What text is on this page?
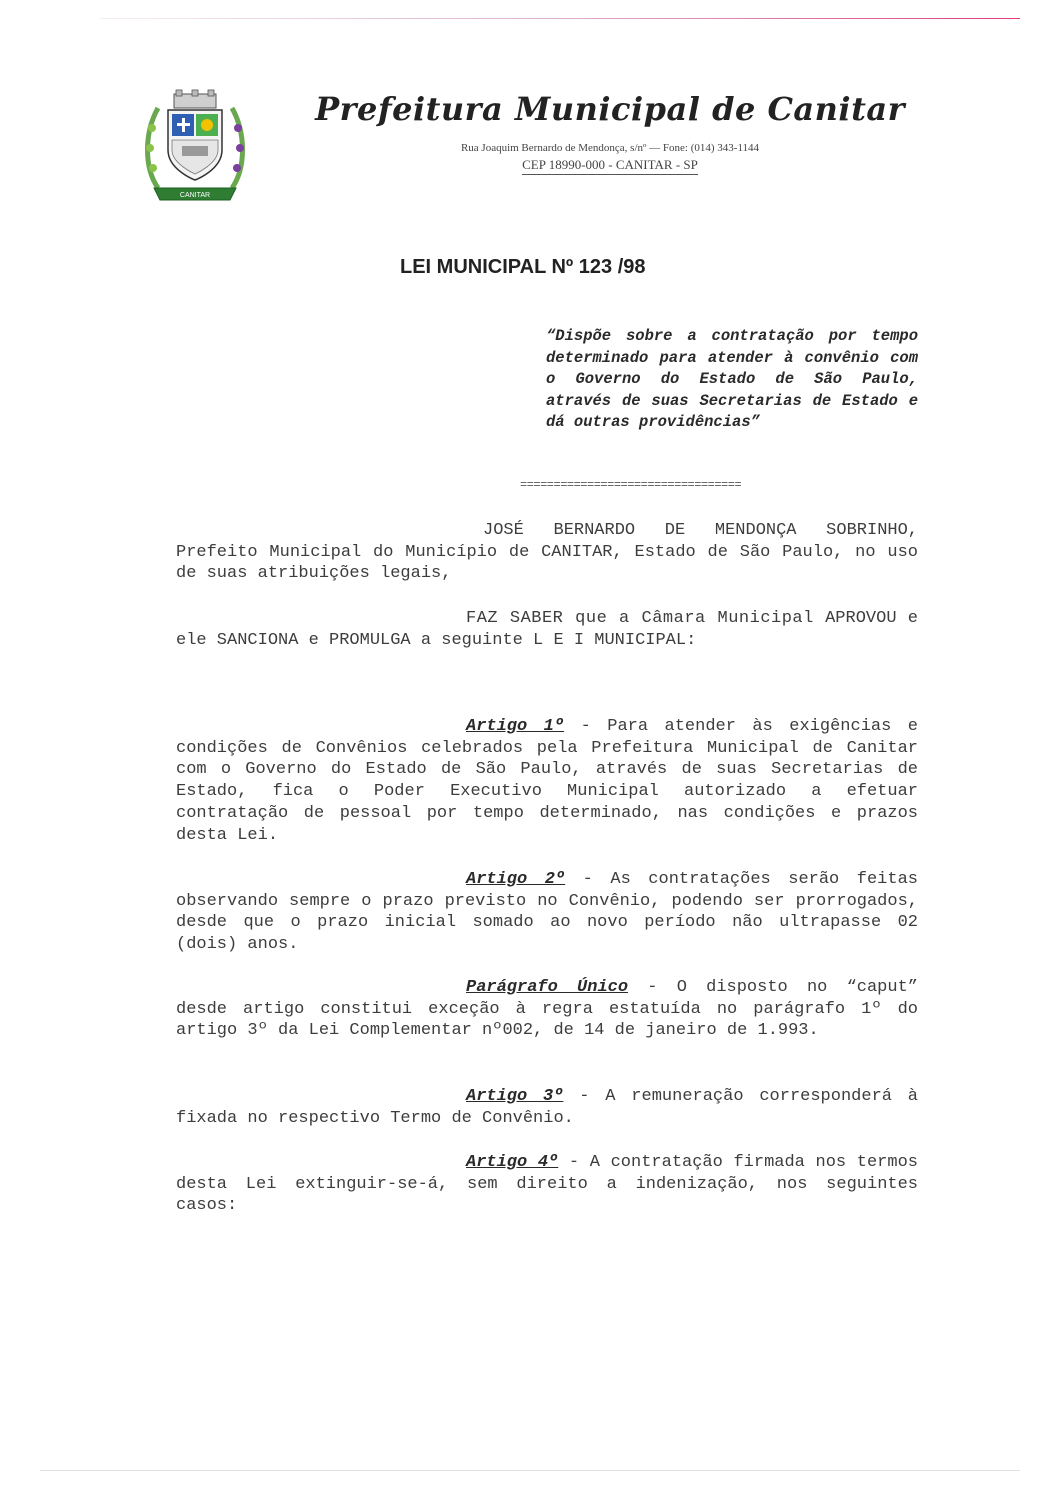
CANITAR
Prefeitura Municipal de Canitar
Rua Joaquim Bernardo de Mendonça, s/nº — Fone: (014) 343-1144
CEP 18990-000 - CANITAR - SP
LEI MUNICIPAL Nº 123 /98
“Dispõe sobre a contratação por tempo determinado para atender à convênio com o Governo do Estado de São Paulo, através de suas Secretarias de Estado e dá outras providências”
=================================
JOSÉ BERNARDO DE MENDONÇA SOBRINHO, Prefeito Municipal do Município de CANITAR, Estado de São Paulo, no uso de suas atribuições legais,
FAZ SABER que a Câmara Municipal APROVOU e ele SANCIONA e PROMULGA a seguinte L E I MUNICIPAL:
Artigo 1º - Para atender às exigências e condições de Convênios celebrados pela Prefeitura Municipal de Canitar com o Governo do Estado de São Paulo, através de suas Secretarias de Estado, fica o Poder Executivo Municipal autorizado a efetuar contratação de pessoal por tempo determinado, nas condições e prazos desta Lei.
Artigo 2º - As contratações serão feitas observando sempre o prazo previsto no Convênio, podendo ser prorrogados, desde que o prazo inicial somado ao novo período não ultrapasse 02 (dois) anos.
Parágrafo Único - O disposto no “caput” desde artigo constitui exceção à regra estatuída no parágrafo 1º do artigo 3º da Lei Complementar nº002, de 14 de janeiro de 1.993.
Artigo 3º - A remuneração corresponderá à fixada no respectivo Termo de Convênio.
Artigo 4º - A contratação firmada nos termos desta Lei extinguir-se-á, sem direito a indenização, nos seguintes casos:
